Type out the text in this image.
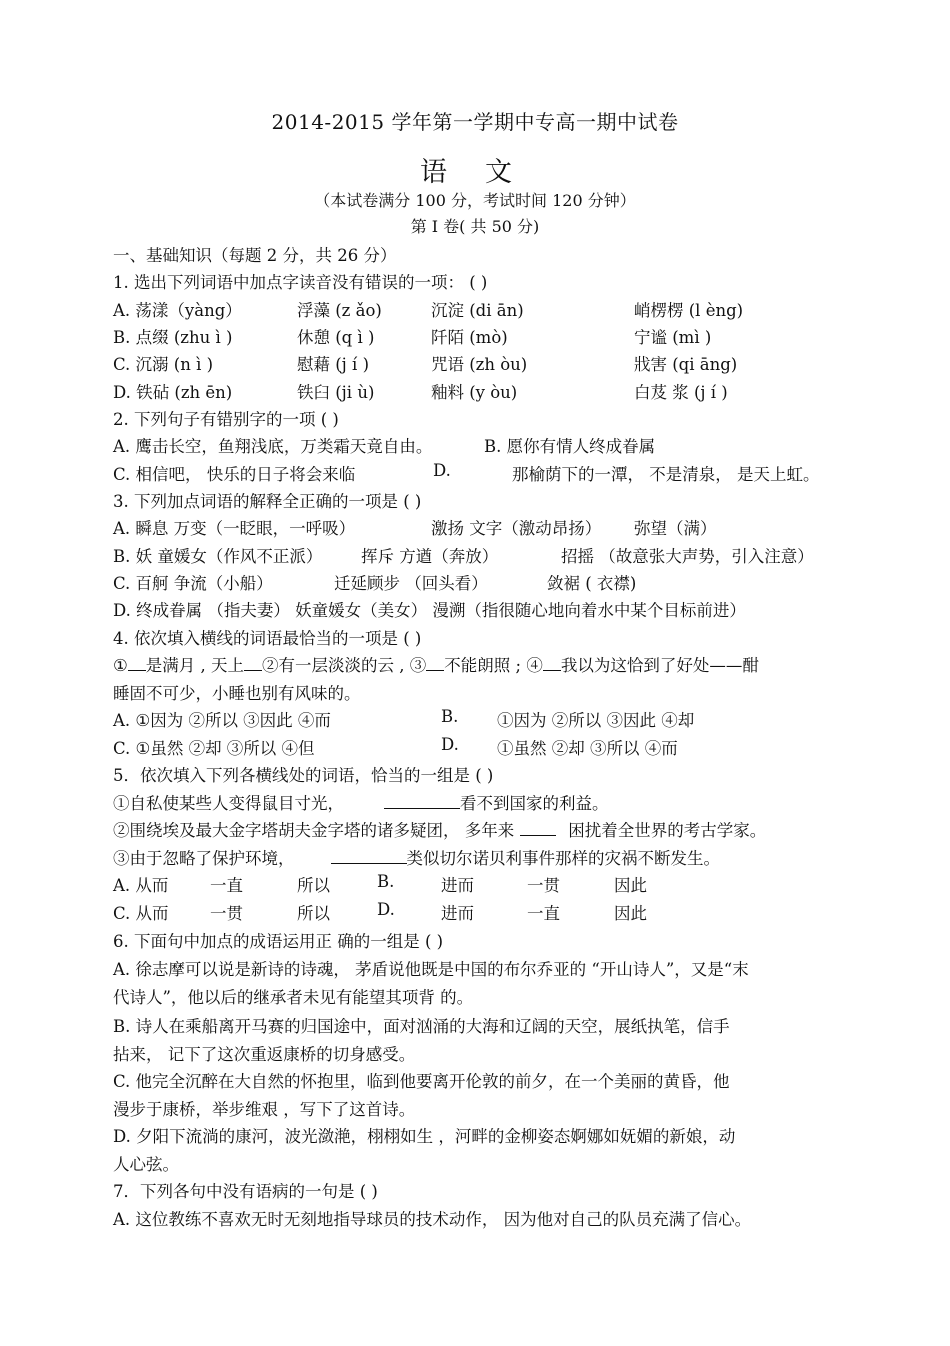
2014-2015 学年第一学期中专高一期中试卷
语文
（本试卷满分 100 分，考试时间 120 分钟）
第 Ⅰ 卷( 共 50 分)
一、基础知识（每题 2 分，共 26 分）
1. 选出下列词语中加点字读音没有错误的一项： ( )
A. 荡漾（yàng）	浮藻 (z ǎo)	沉淀 (di ān)	峭楞楞 (l èng)
B. 点缀 (zhu ì )	休憩 (q ì )	阡陌 (mò)	宁谧 (mì )
C. 沉溺 (n ì )	慰藉 (j í )	咒语 (zh òu)	戕害 (qi āng)
D. 铁砧 (zh ēn)	铁臼 (ji ù)	釉料 (y òu)	白芨 浆 (j í )
2. 下列句子有错别字的一项 ( )
A. 鹰击长空，鱼翔浅底，万类霜天竟自由。	B. 愿你有情人终成眷属
C. 相信吧， 快乐的日子将会来临	D.	那榆荫下的一潭， 不是清泉， 是天上虹。
3. 下列加点词语的解释全正确的一项是 ( )
A. 瞬息 万变（一眨眼，一呼吸）	激扬 文字（激动昂扬） 弥望（满）
B. 妖 童媛女（作风不正派） 挥斥 方遒（奔放）	招摇 （故意张大声势，引入注意）
C. 百舸 争流（小船）	迁延顾步 （回头看）	敛裾 ( 衣襟)
D. 终成眷属 （指夫妻） 妖童媛女（美女） 漫溯（指很随心地向着水中某个目标前进）
4. 依次填入横线的词语最恰当的一项是 ( )
① 是满月 , 天上 ②有一层淡淡的云 , ③ 不能朗照 ; ④ 我以为这恰到了好处——酣
睡固不可少，小睡也别有风味的。
A. ①因为 ②所以 ③因此 ④而	B. ①因为 ②所以 ③因此 ④却
C. ①虽然 ②却 ③所以 ④但	D. ①虽然 ②却 ③所以 ④而
5．依次填入下列各横线处的词语，恰当的一组是 ( )
①自私使某些人变得鼠目寸光，	看不到国家的利益。
②围绕埃及最大金字塔胡夫金字塔的诸多疑团， 多年来	困扰着全世界的考古学家。
③由于忽略了保护环境，	类似切尔诺贝利事件那样的灾祸不断发生。
A. 从而	一直	所以	B.	进而	一贯	因此
C. 从而	一贯	所以	D.	进而	一直	因此
6. 下面句中加点的成语运用正 确的一组是 ( )
A. 徐志摩可以说是新诗的诗魂， 茅盾说他既是中国的布尔乔亚的 “开山诗人”，又是“末
代诗人”，他以后的继承者未见有能望其项背 的。
B. 诗人在乘船离开马赛的归国途中，面对汹涌的大海和辽阔的天空，展纸执笔，信手
拈来， 记下了这次重返康桥的切身感受。
C. 他完全沉醉在大自然的怀抱里，临到他要离开伦敦的前夕，在一个美丽的黄昏，他
漫步于康桥，举步维艰 ，写下了这首诗。
D. 夕阳下流淌的康河，波光潋滟，栩栩如生 ，河畔的金柳姿态婀娜如妩媚的新娘，动
人心弦。
7．下列各句中没有语病的一句是 ( )
A. 这位教练不喜欢无时无刻地指导球员的技术动作， 因为他对自己的队员充满了信心。
